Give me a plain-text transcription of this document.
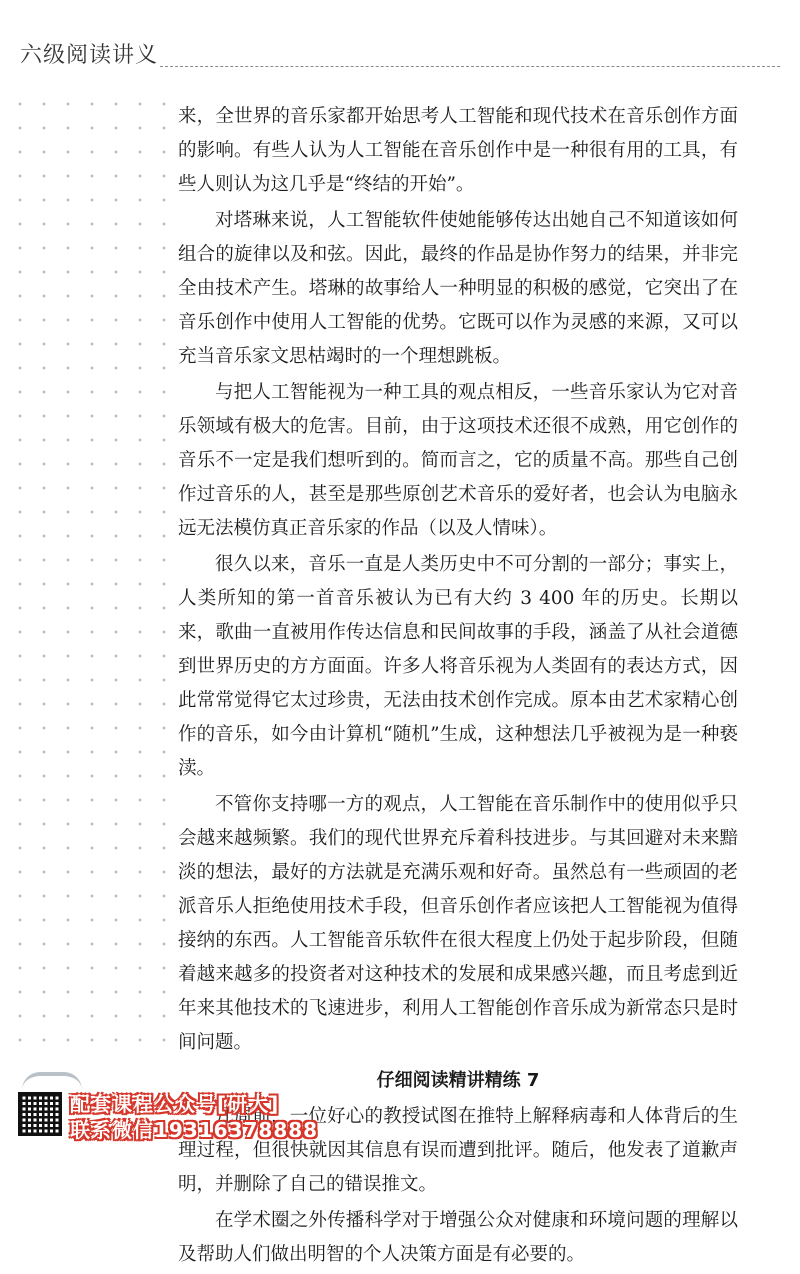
六级阅读讲义

来，全世界的音乐家都开始思考人工智能和现代技术在音乐创作方面的影响。有些人认为人工智能在音乐创作中是一种很有用的工具，有些人则认为这几乎是“终结的开始”。

对塔琳来说，人工智能软件使她能够传达出她自己不知道该如何组合的旋律以及和弦。因此，最终的作品是协作努力的结果，并非完全由技术产生。塔琳的故事给人一种明显的积极的感觉，它突出了在音乐创作中使用人工智能的优势。它既可以作为灵感的来源，又可以充当音乐家文思枯竭时的一个理想跳板。

与把人工智能视为一种工具的观点相反，一些音乐家认为它对音乐领域有极大的危害。目前，由于这项技术还很不成熟，用它创作的音乐不一定是我们想听到的。简而言之，它的质量不高。那些自己创作过音乐的人，甚至是那些原创艺术音乐的爱好者，也会认为电脑永远无法模仿真正音乐家的作品（以及人情味）。

很久以来，音乐一直是人类历史中不可分割的一部分；事实上，人类所知的第一首音乐被认为已有大约 3 400 年的历史。长期以来，歌曲一直被用作传达信息和民间故事的手段，涵盖了从社会道德到世界历史的方方面面。许多人将音乐视为人类固有的表达方式，因此常常觉得它太过珍贵，无法由技术创作完成。原本由艺术家精心创作的音乐，如今由计算机“随机”生成，这种想法几乎被视为是一种亵渎。

不管你支持哪一方的观点，人工智能在音乐制作中的使用似乎只会越来越频繁。我们的现代世界充斥着科技进步。与其回避对未来黯淡的想法，最好的方法就是充满乐观和好奇。虽然总有一些顽固的老派音乐人拒绝使用技术手段，但音乐创作者应该把人工智能视为值得接纳的东西。人工智能音乐软件在很大程度上仍处于起步阶段，但随着越来越多的投资者对这种技术的发展和成果感兴趣，而且考虑到近年来其他技术的飞速进步，利用人工智能创作音乐成为新常态只是时间问题。

仔细阅读精讲精练 7

几周前，一位好心的教授试图在推特上解释病毒和人体背后的生理过程，但很快就因其信息有误而遭到批评。随后，他发表了道歉声明，并删除了自己的错误推文。

在学术圈之外传播科学对于增强公众对健康和环境问题的理解以及帮助人们做出明智的个人决策方面是有必要的。

配套课程公众号[研大]
联系微信19316378888
